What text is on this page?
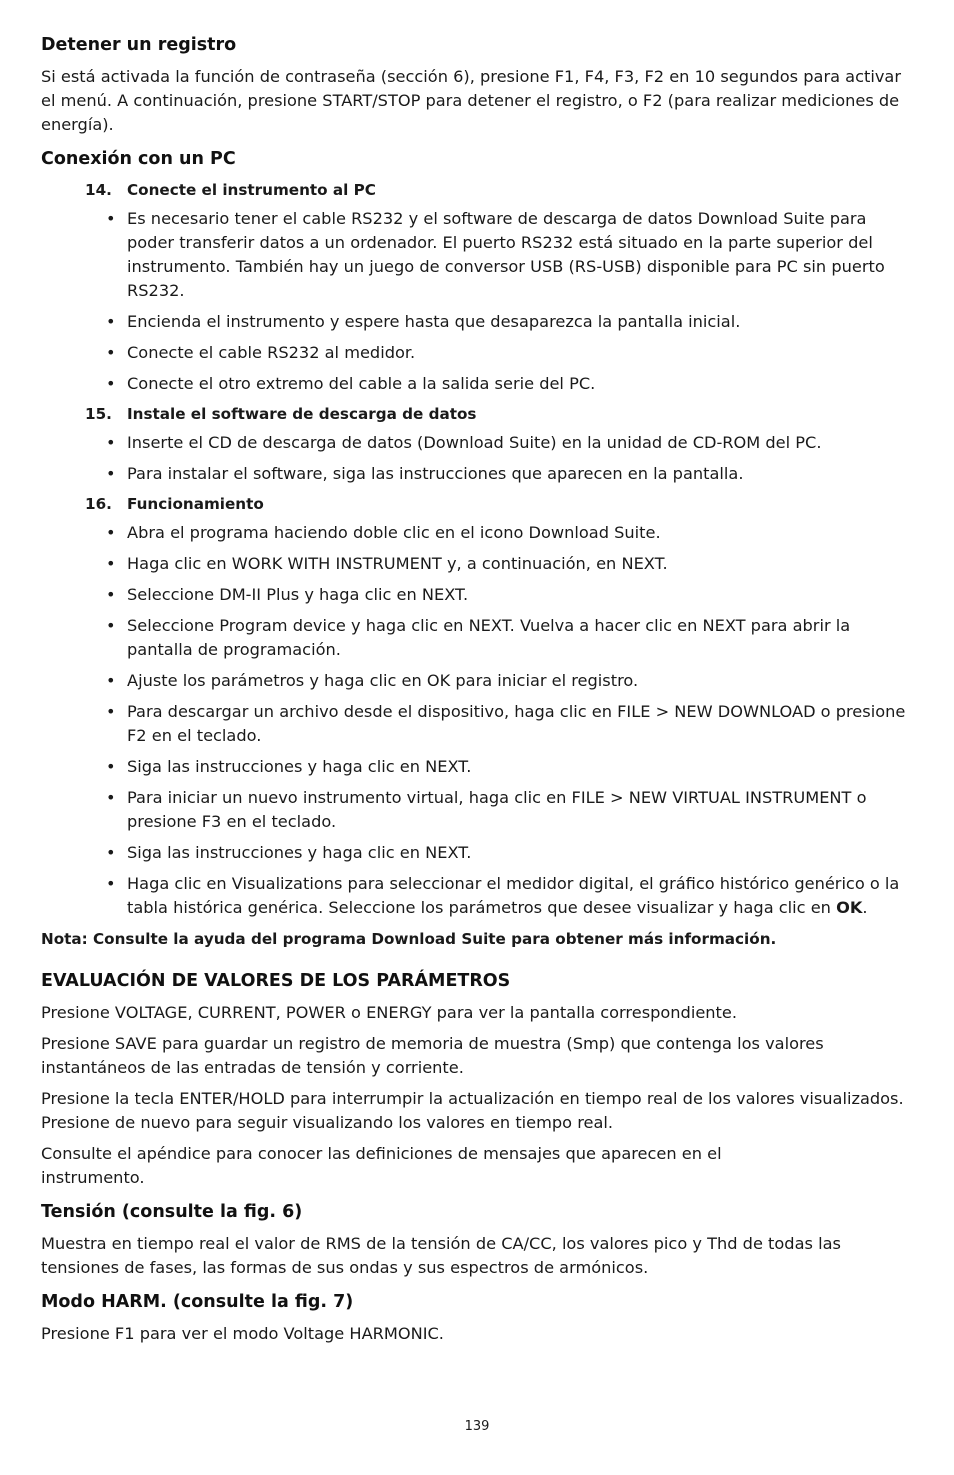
Detener un registro

Si está activada la función de contraseña (sección 6), presione F1, F4, F3, F2 en 10 segundos para activar el menú. A continuación, presione START/STOP para detener el registro, o F2 (para realizar mediciones de energía).

Conexión con un PC
14. Conecte el instrumento al PC
• Es necesario tener el cable RS232 y el software de descarga de datos Download Suite para poder transferir datos a un ordenador. El puerto RS232 está situado en la parte superior del instrumento. También hay un juego de conversor USB (RS-USB) disponible para PC sin puerto RS232.
• Encienda el instrumento y espere hasta que desaparezca la pantalla inicial.
• Conecte el cable RS232 al medidor.
• Conecte el otro extremo del cable a la salida serie del PC.
15. Instale el software de descarga de datos
• Inserte el CD de descarga de datos (Download Suite) en la unidad de CD-ROM del PC.
• Para instalar el software, siga las instrucciones que aparecen en la pantalla.
16. Funcionamiento
• Abra el programa haciendo doble clic en el icono Download Suite.
• Haga clic en WORK WITH INSTRUMENT y, a continuación, en NEXT.
• Seleccione DM-II Plus y haga clic en NEXT.
• Seleccione Program device y haga clic en NEXT. Vuelva a hacer clic en NEXT para abrir la pantalla de programación.
• Ajuste los parámetros y haga clic en OK para iniciar el registro.
• Para descargar un archivo desde el dispositivo, haga clic en FILE > NEW DOWNLOAD o presione F2 en el teclado.
• Siga las instrucciones y haga clic en NEXT.
• Para iniciar un nuevo instrumento virtual, haga clic en FILE > NEW VIRTUAL INSTRUMENT o presione F3 en el teclado.
• Siga las instrucciones y haga clic en NEXT.
• Haga clic en Visualizations para seleccionar el medidor digital, el gráfico histórico genérico o la tabla histórica genérica. Seleccione los parámetros que desee visualizar y haga clic en OK.
Nota: Consulte la ayuda del programa Download Suite para obtener más información.
EVALUACIÓN DE VALORES DE LOS PARÁMETROS

Presione VOLTAGE, CURRENT, POWER o ENERGY para ver la pantalla correspondiente.

Presione SAVE para guardar un registro de memoria de muestra (Smp) que contenga los valores instantáneos de las entradas de tensión y corriente.

Presione la tecla ENTER/HOLD para interrumpir la actualización en tiempo real de los valores visualizados. Presione de nuevo para seguir visualizando los valores en tiempo real.

Consulte el apéndice para conocer las definiciones de mensajes que aparecen en el instrumento.

Tensión (consulte la fig. 6)

Muestra en tiempo real el valor de RMS de la tensión de CA/CC, los valores pico y Thd de todas las tensiones de fases, las formas de sus ondas y sus espectros de armónicos.

Modo HARM. (consulte la fig. 7)

Presione F1 para ver el modo Voltage HARMONIC.

139
